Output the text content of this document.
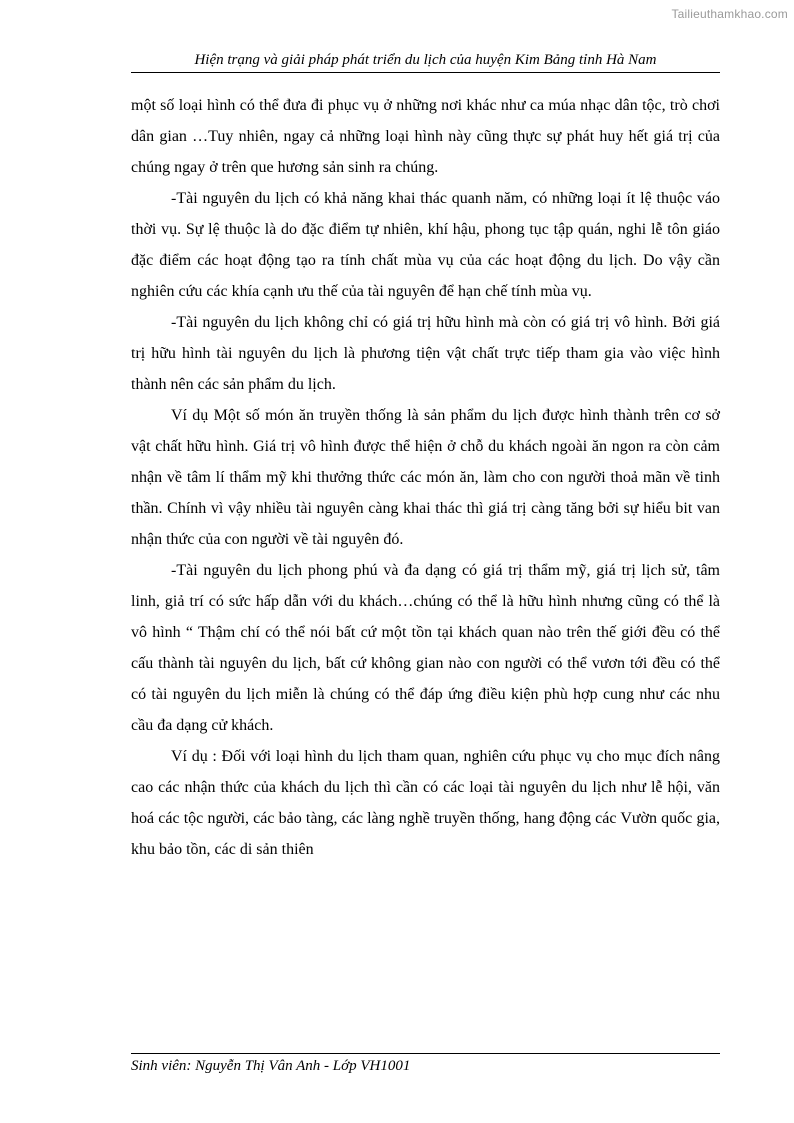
Tailieuthamkhao.com
Hiện trạng và giải pháp phát triển du lịch của huyện Kim Bảng tỉnh Hà Nam

một số loại hình có thể đưa đi phục vụ ở những nơi khác như ca múa nhạc dân tộc, trò chơi dân gian …Tuy nhiên, ngay cả những loại hình này cũng thực sự phát huy hết giá trị của chúng ngay ở trên que hương sản sinh ra chúng.

-Tài nguyên du lịch có khả năng khai thác quanh năm, có những loại ít lệ thuộc váo thời vụ. Sự lệ thuộc là do đặc điểm tự nhiên, khí hậu, phong tục tập quán, nghi lễ tôn giáo đặc điểm các hoạt động tạo ra tính chất mùa vụ của các hoạt động du lịch. Do vậy cần nghiên cứu các khía cạnh ưu thế của tài nguyên để hạn chế tính mùa vụ.

-Tài nguyên du lịch không chỉ có giá trị hữu hình mà còn có giá trị vô hình. Bởi giá trị hữu hình tài nguyên du lịch là phương tiện vật chất trực tiếp tham gia vào việc hình thành nên các sản phẩm du lịch.

Ví dụ Một số món ăn truyền thống là sản phẩm du lịch được hình thành trên cơ sở vật chất hữu hình. Giá trị vô hình được thể hiện ở chỗ du khách ngoài ăn ngon ra còn cảm nhận về tâm lí thẩm mỹ khi thưởng thức các món ăn, làm cho con người thoả mãn về tinh thần. Chính vì vậy nhiều tài nguyên càng khai thác thì giá trị càng tăng bởi sự hiểu bit van nhận thức của con người về tài nguyên đó.

-Tài nguyên du lịch phong phú và đa dạng có giá trị thẩm mỹ, giá trị lịch sử, tâm linh, giả trí có sức hấp dẫn với du khách…chúng có thể là hữu hình nhưng cũng có thể là vô hình “ Thậm chí có thể nói bất cứ một tồn tại khách quan nào trên thế giới đều có thể cấu thành tài nguyên du lịch, bất cứ không gian nào con người có thể vươn tới đều có thể có tài nguyên du lịch miễn là chúng có thể đáp ứng điều kiện phù hợp cung như các nhu cầu đa dạng cử khách.

Ví dụ : Đối với loại hình du lịch tham quan, nghiên cứu phục vụ cho mục đích nâng cao các nhận thức của khách du lịch thì cần có các loại tài nguyên du lịch như lễ hội, văn hoá các tộc người, các bảo tàng, các làng nghề truyền thống, hang động các Vườn quốc gia, khu bảo tồn, các di sản thiên

Sinh viên: Nguyễn Thị Vân Anh - Lớp VH1001
